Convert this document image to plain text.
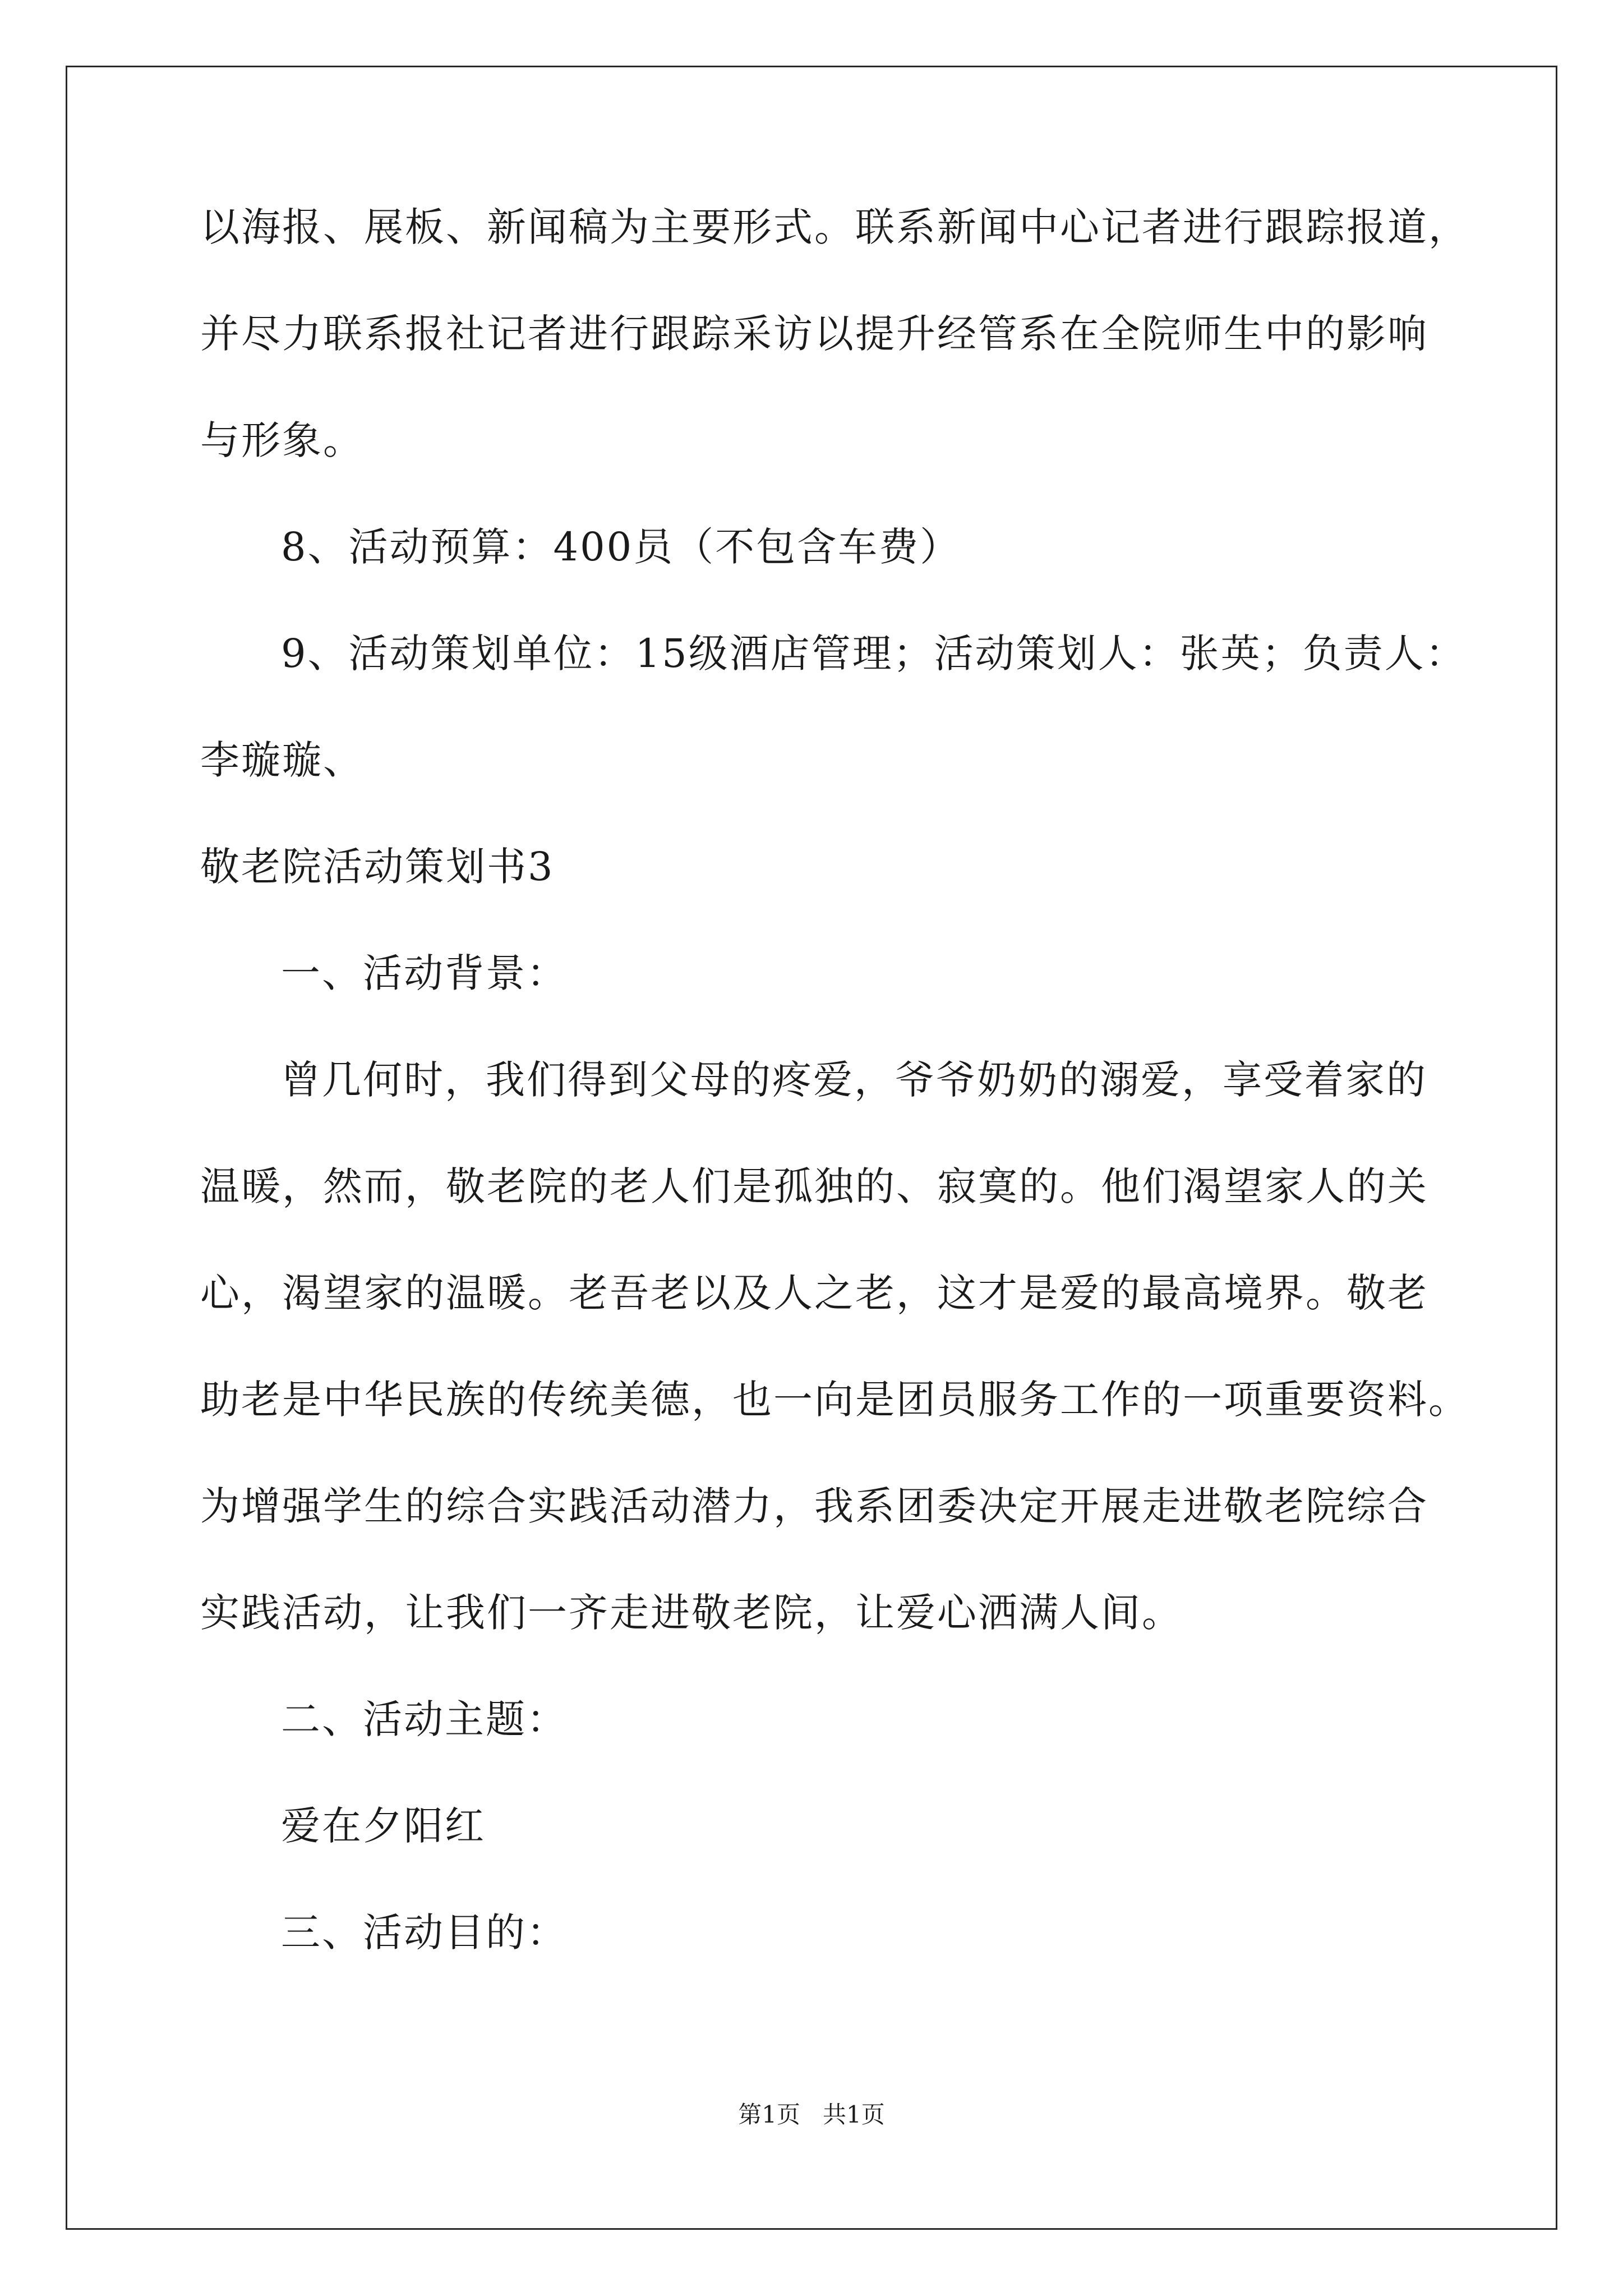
以海报、展板、新闻稿为主要形式。联系新闻中心记者进行跟踪报道，
并尽力联系报社记者进行跟踪采访以提升经管系在全院师生中的影响
与形象。
8、活动预算：400员（不包含车费）
9、活动策划单位：15级酒店管理；活动策划人：张英；负责人：
李璇璇、
敬老院活动策划书3
一、活动背景：
曾几何时，我们得到父母的疼爱，爷爷奶奶的溺爱，享受着家的
温暖，然而，敬老院的老人们是孤独的、寂寞的。他们渴望家人的关
心，渴望家的温暖。老吾老以及人之老，这才是爱的最高境界。敬老
助老是中华民族的传统美德，也一向是团员服务工作的一项重要资料。
为增强学生的综合实践活动潜力，我系团委决定开展走进敬老院综合
实践活动，让我们一齐走进敬老院，让爱心洒满人间。
二、活动主题：
爱在夕阳红
三、活动目的：
第1页   共1页
